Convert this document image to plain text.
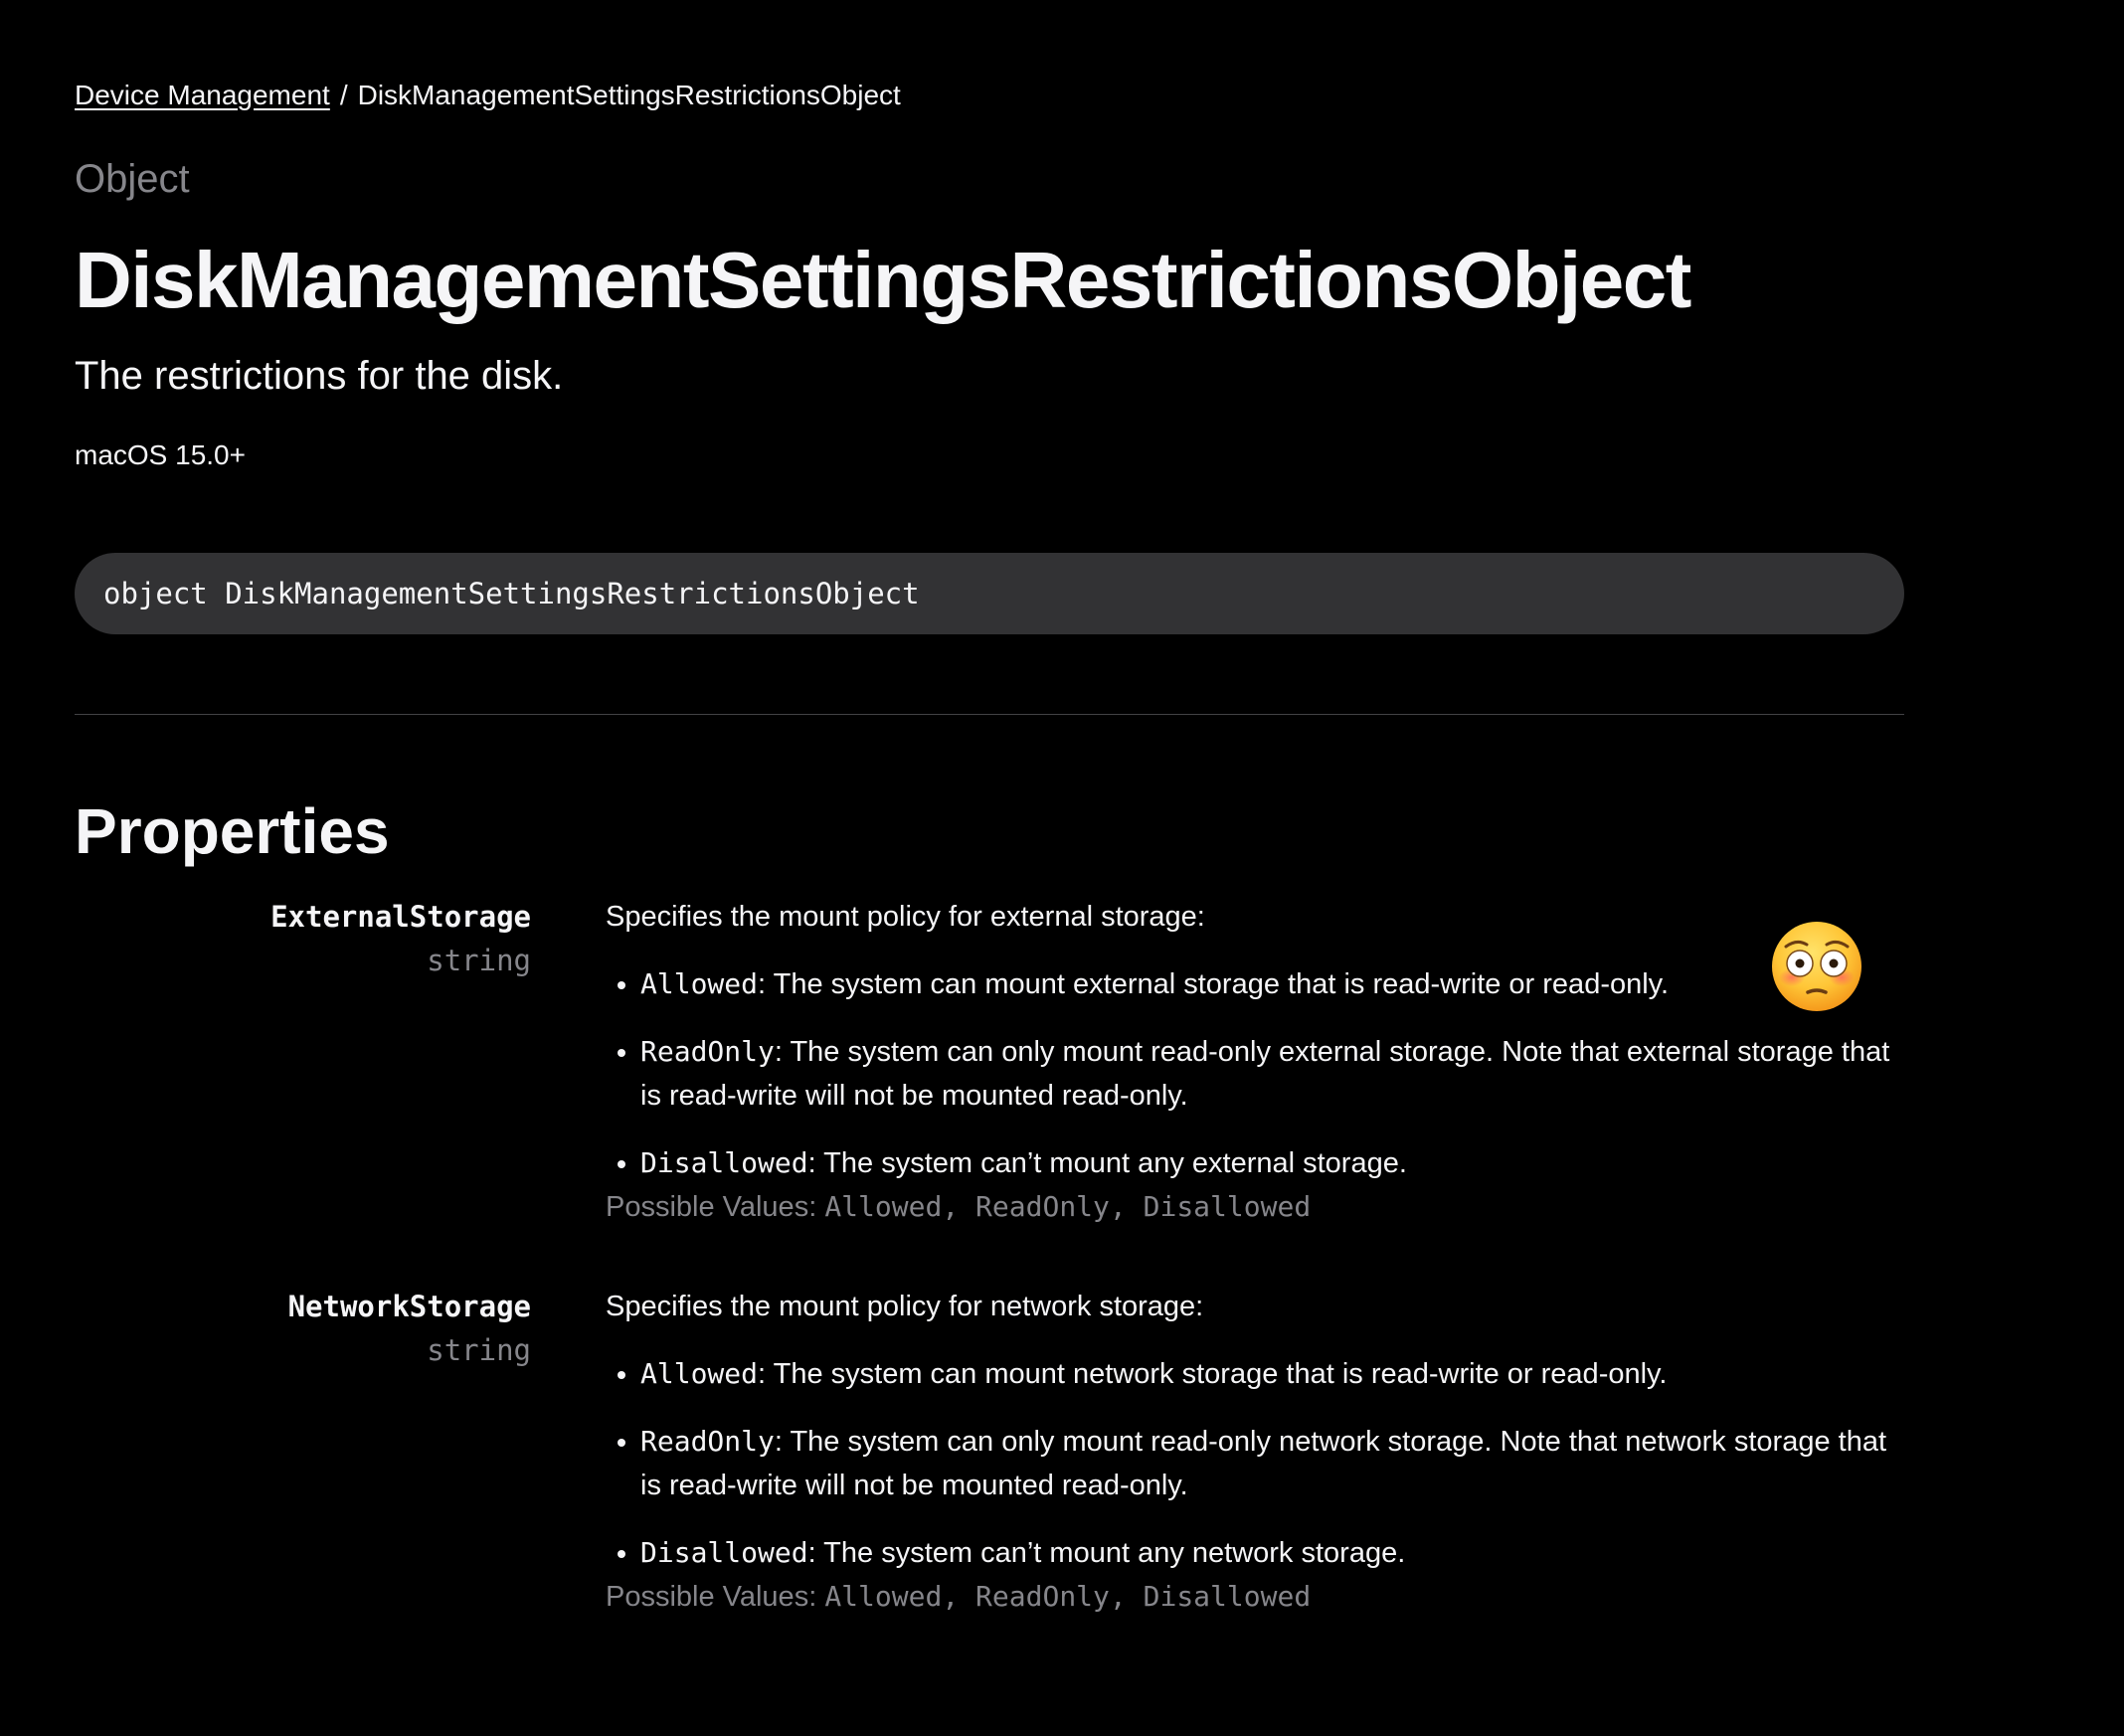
Device Management / DiskManagementSettingsRestrictionsObject
Object
DiskManagementSettingsRestrictionsObject
The restrictions for the disk.
macOS 15.0+
object DiskManagementSettingsRestrictionsObject
Properties
ExternalStorage
string

Specifies the mount policy for external storage:

• Allowed: The system can mount external storage that is read-write or read-only.
• ReadOnly: The system can only mount read-only external storage. Note that external storage that is read-write will not be mounted read-only.
• Disallowed: The system can’t mount any external storage.
Possible Values: Allowed, ReadOnly, Disallowed
NetworkStorage
string

Specifies the mount policy for network storage:

• Allowed: The system can mount network storage that is read-write or read-only.
• ReadOnly: The system can only mount read-only network storage. Note that network storage that is read-write will not be mounted read-only.
• Disallowed: The system can’t mount any network storage.
Possible Values: Allowed, ReadOnly, Disallowed
